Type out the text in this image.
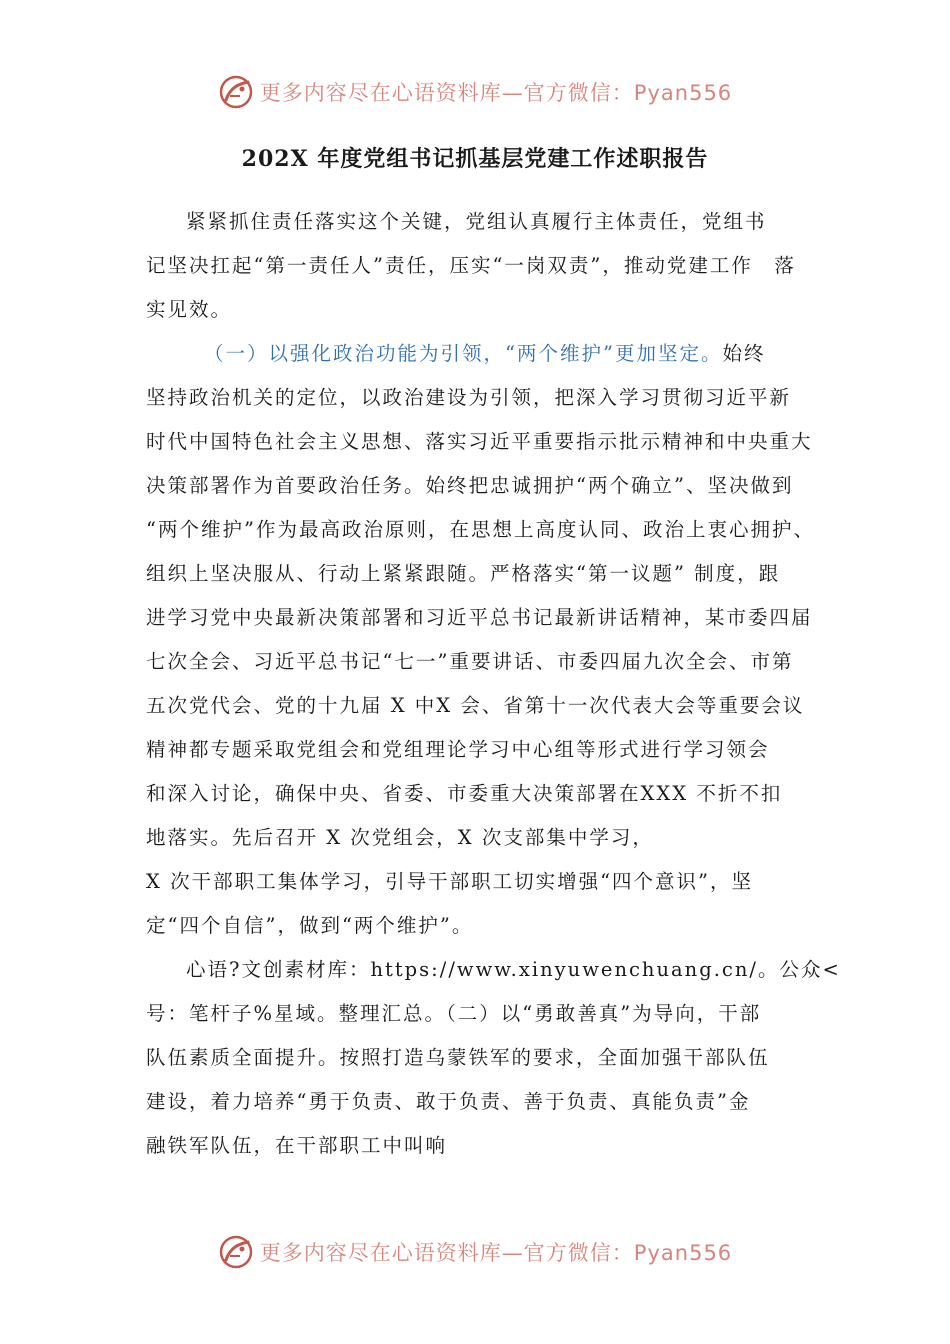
更多内容尽在心语资料库—官方微信：Pyan556
202X 年度党组书记抓基层党建工作述职报告
紧紧抓住责任落实这个关键，党组认真履行主体责任，党组书
记坚决扛起“第一责任人”责任，压实“一岗双责”，推动党建工作　落
实见效。
（一）以强化政治功能为引领，“两个维护”更加坚定。始终
坚持政治机关的定位，以政治建设为引领，把深入学习贯彻习近平新
时代中国特色社会主义思想、落实习近平重要指示批示精神和中央重大
决策部署作为首要政治任务。始终把忠诚拥护“两个确立”、坚决做到
“两个维护”作为最高政治原则，在思想上高度认同、政治上衷心拥护、
组织上坚决服从、行动上紧紧跟随。严格落实“第一议题” 制度，跟
进学习党中央最新决策部署和习近平总书记最新讲话精神，某市委四届
七次全会、习近平总书记“七一”重要讲话、市委四届九次全会、市第
五次党代会、党的十九届 X 中X 会、省第十一次代表大会等重要会议
精神都专题采取党组会和党组理论学习中心组等形式进行学习领会
和深入讨论，确保中央、省委、市委重大决策部署在XXX 不折不扣
地落实。先后召开 X 次党组会，X 次支部集中学习，
X 次干部职工集体学习，引导干部职工切实增强“四个意识”，坚
定“四个自信”，做到“两个维护”。
心语?文创素材库：https://www.xinyuwenchuang.cn/。公众<
号：笔杆子%星域。整理汇总。（二）以“勇敢善真”为导向，干部
队伍素质全面提升。按照打造乌蒙铁军的要求，全面加强干部队伍
建设，着力培养“勇于负责、敢于负责、善于负责、真能负责”金
融铁军队伍，在干部职工中叫响
更多内容尽在心语资料库—官方微信：Pyan556
